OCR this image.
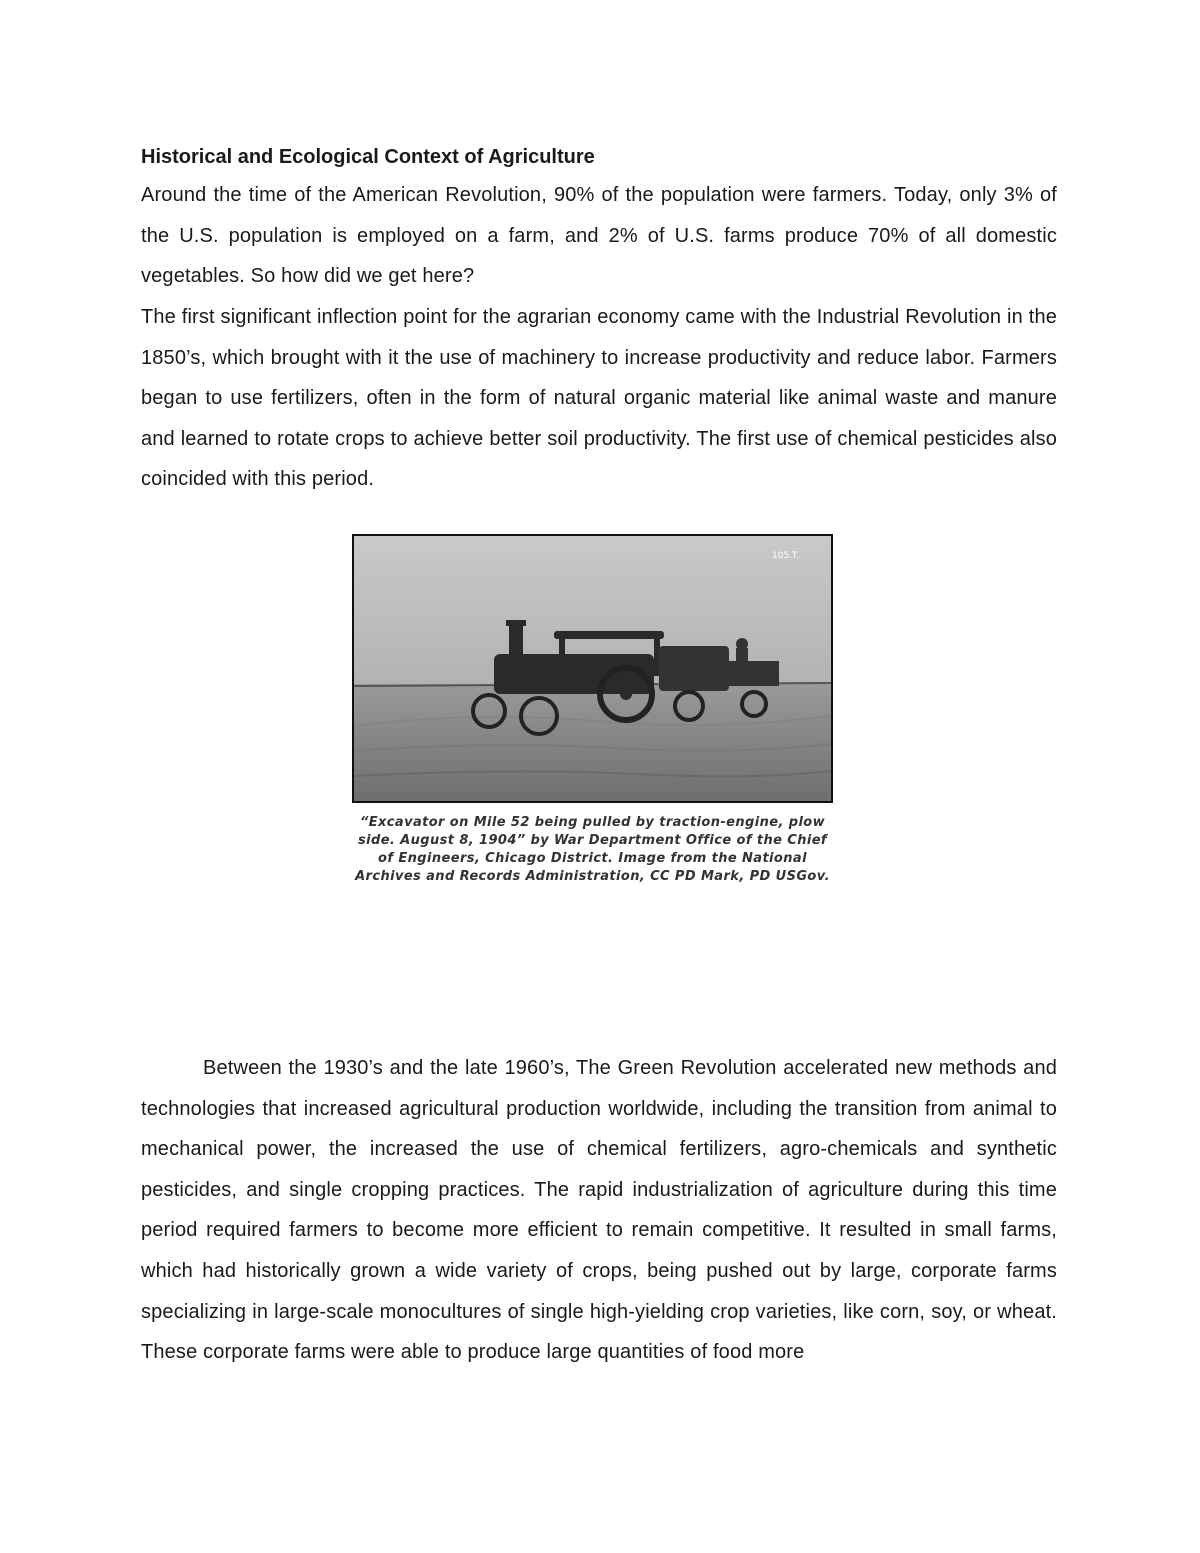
Historical and Ecological Context of Agriculture

Around the time of the American Revolution, 90% of the population were farmers. Today, only 3% of the U.S. population is employed on a farm, and 2% of U.S. farms produce 70% of all domestic vegetables. So how did we get here?

The first significant inflection point for the agrarian economy came with the Industrial Revolution in the 1850’s, which brought with it the use of machinery to increase productivity and reduce labor. Farmers began to use fertilizers, often in the form of natural organic material like animal waste and manure and learned to rotate crops to achieve better soil productivity. The first use of chemical pesticides also coincided with this period.

105.T.

“Excavator on Mile 52 being pulled by traction-engine, plow side. August 8, 1904” by War Department Office of the Chief of Engineers, Chicago District. Image from the National Archives and Records Administration, CC PD Mark, PD USGov.

Between the 1930’s and the late 1960’s, The Green Revolution accelerated new methods and technologies that increased agricultural production worldwide, including the transition from animal to mechanical power, the increased the use of chemical fertilizers, agro-chemicals and synthetic pesticides, and single cropping practices. The rapid industrialization of agriculture during this time period required farmers to become more efficient to remain competitive. It resulted in small farms, which had historically grown a wide variety of crops, being pushed out by large, corporate farms specializing in large-scale monocultures of single high-yielding crop varieties, like corn, soy, or wheat. These corporate farms were able to produce large quantities of food more
